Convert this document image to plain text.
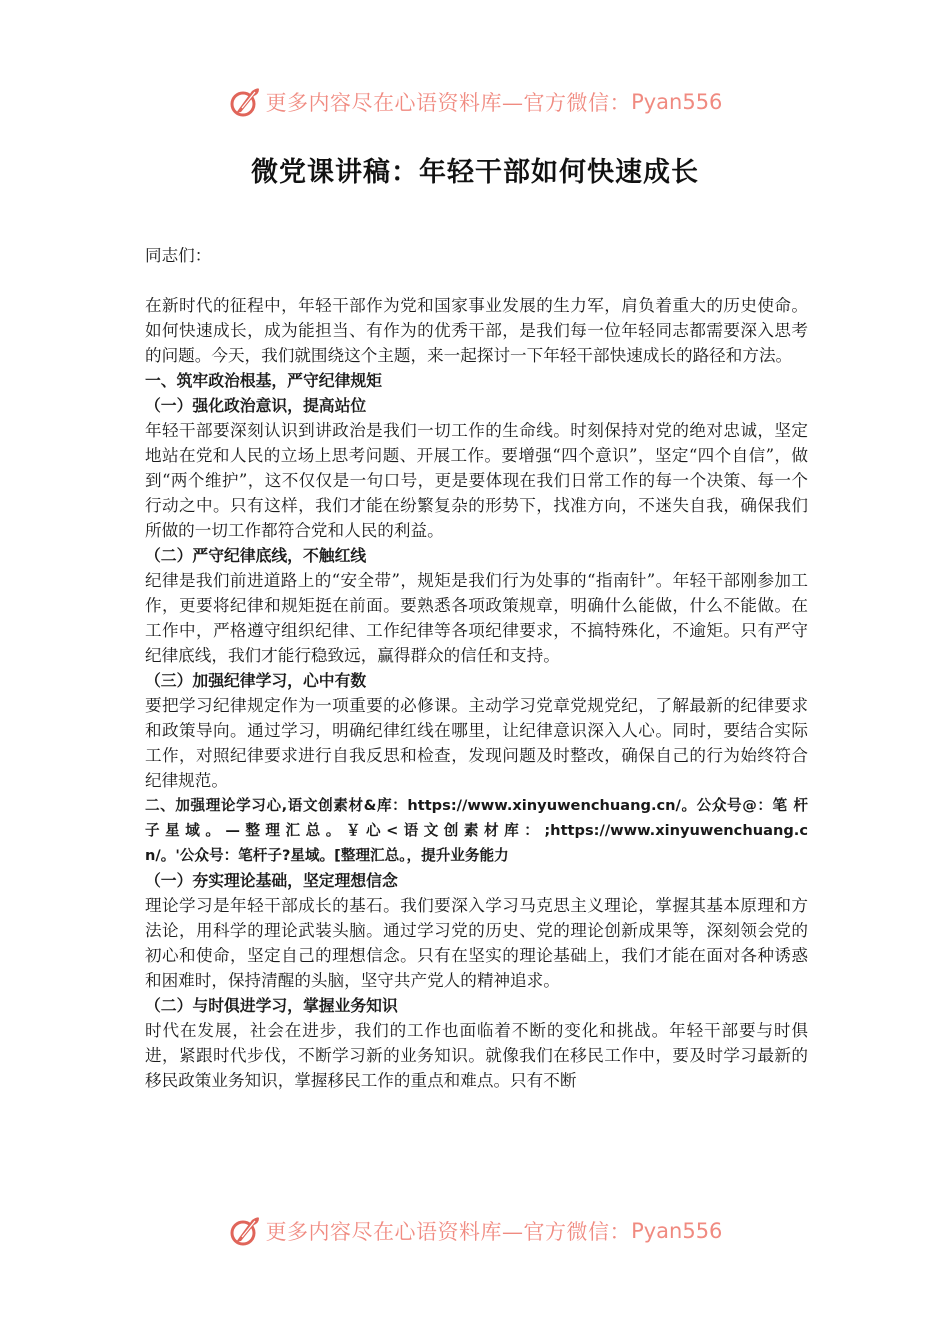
更多内容尽在心语资料库—官方微信： Pyan556
微党课讲稿：年轻干部如何快速成长

同志们：

在新时代的征程中，年轻干部作为党和国家事业发展的生力军，肩负着重大的历史使命。如何快速成长，成为能担当、有作为的优秀干部，是我们每一位年轻同志都需要深入思考的问题。今天，我们就围绕这个主题，来一起探讨一下年轻干部快速成长的路径和方法。

一、筑牢政治根基，严守纪律规矩

（一）强化政治意识，提高站位

年轻干部要深刻认识到讲政治是我们一切工作的生命线。时刻保持对党的绝对忠诚，坚定地站在党和人民的立场上思考问题、开展工作。要增强“四个意识”，坚定“四个自信”，做到“两个维护”，这不仅仅是一句口号，更是要体现在我们日常工作的每一个决策、每一个行动之中。只有这样，我们才能在纷繁复杂的形势下，找准方向，不迷失自我，确保我们所做的一切工作都符合党和人民的利益。

（二）严守纪律底线，不触红线

纪律是我们前进道路上的“安全带”，规矩是我们行为处事的“指南针”。年轻干部刚参加工作，更要将纪律和规矩挺在前面。要熟悉各项政策规章，明确什么能做，什么不能做。在工作中，严格遵守组织纪律、工作纪律等各项纪律要求，不搞特殊化，不逾矩。只有严守纪律底线，我们才能行稳致远，赢得群众的信任和支持。

（三）加强纪律学习，心中有数

要把学习纪律规定作为一项重要的必修课。主动学习党章党规党纪，了解最新的纪律要求和政策导向。通过学习，明确纪律红线在哪里，让纪律意识深入人心。同时，要结合实际工作，对照纪律要求进行自我反思和检查，发现问题及时整改，确保自己的行为始终符合纪律规范。

二、加强理论学习心,语文创素材&库：https://www.xinyuwenchuang.cn/。公众号@：笔 杆 子 星 域 。 — 整 理 汇 总 。 ￥ 心 < 语 文 创 素 材 库 ： ;https://www.xinyuwenchuang.cn/。'公众号：笔杆子?星域。[整理汇总。，提升业务能力

（一）夯实理论基础，坚定理想信念

理论学习是年轻干部成长的基石。我们要深入学习马克思主义理论，掌握其基本原理和方法论，用科学的理论武装头脑。通过学习党的历史、党的理论创新成果等，深刻领会党的初心和使命，坚定自己的理想信念。只有在坚实的理论基础上，我们才能在面对各种诱惑和困难时，保持清醒的头脑，坚守共产党人的精神追求。

（二）与时俱进学习，掌握业务知识

时代在发展，社会在进步，我们的工作也面临着不断的变化和挑战。年轻干部要与时俱进，紧跟时代步伐，不断学习新的业务知识。就像我们在移民工作中，要及时学习最新的移民政策业务知识，掌握移民工作的重点和难点。只有不断

更多内容尽在心语资料库—官方微信： Pyan556
